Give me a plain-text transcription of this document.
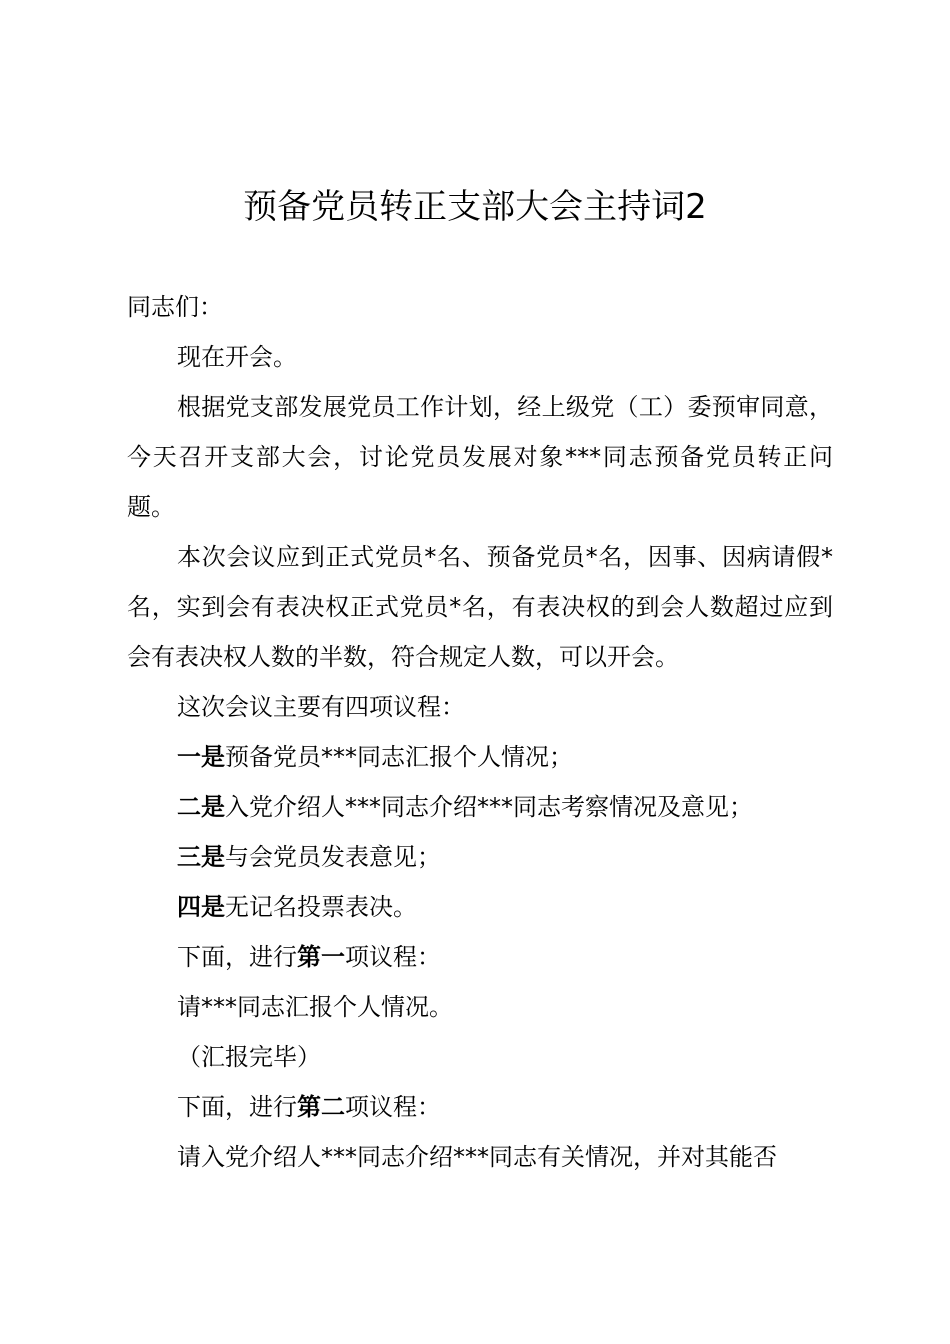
预备党员转正支部大会主持词2

同志们：

现在开会。

根据党支部发展党员工作计划，经上级党（工）委预审同意，今天召开支部大会，讨论党员发展对象***同志预备党员转正问题。

本次会议应到正式党员*名、预备党员*名，因事、因病请假*名，实到会有表决权正式党员*名，有表决权的到会人数超过应到会有表决权人数的半数，符合规定人数，可以开会。

这次会议主要有四项议程：

一是预备党员***同志汇报个人情况；

二是入党介绍人***同志介绍***同志考察情况及意见；

三是与会党员发表意见；

四是无记名投票表决。

下面，进行第一项议程：

请***同志汇报个人情况。

（汇报完毕）

下面，进行第二项议程：

请入党介绍人***同志介绍***同志有关情况，并对其能否
